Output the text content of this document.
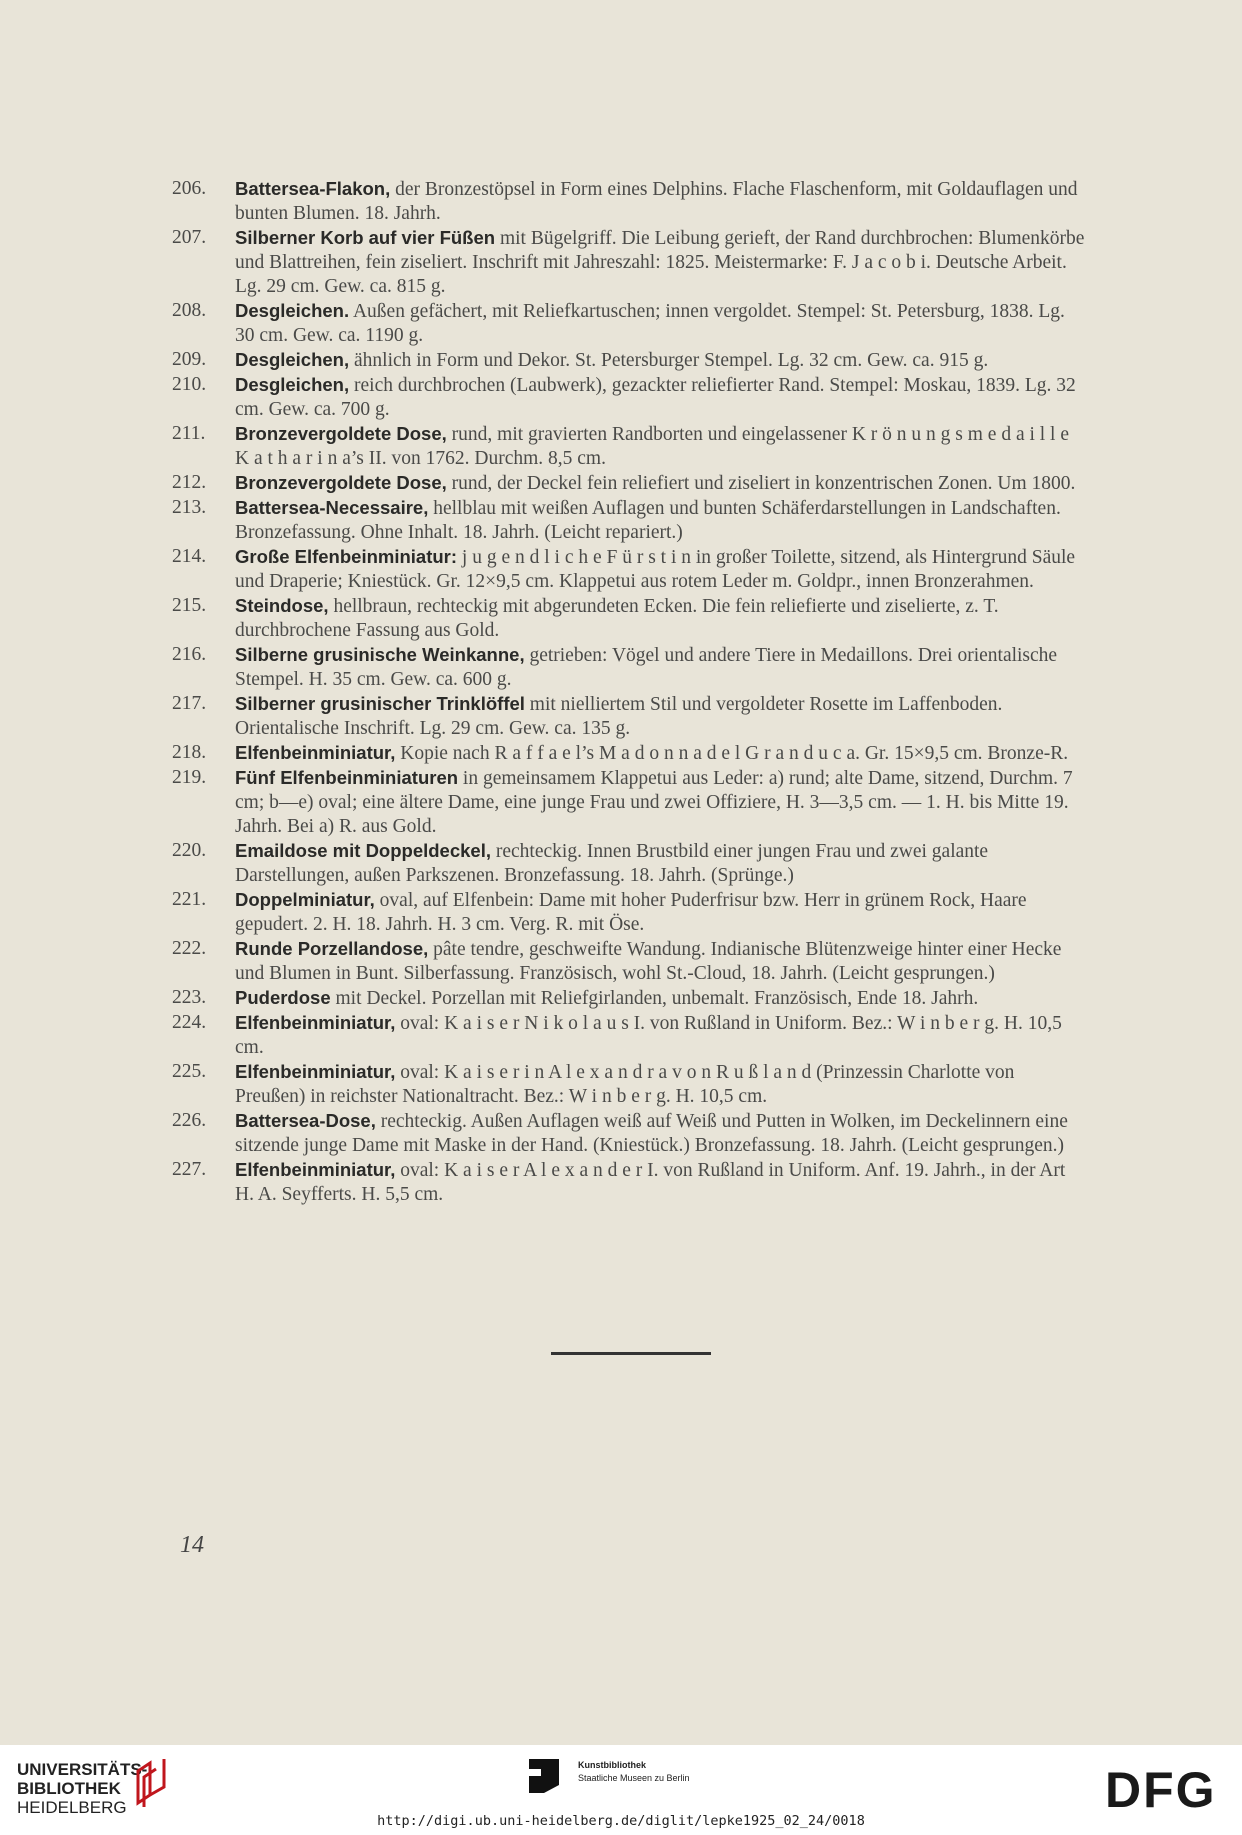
206.	Battersea-Flakon, der Bronzestöpsel in Form eines Delphins. Flache Flaschenform, mit Goldauflagen und bunten Blumen. 18. Jahrh.
207.	Silberner Korb auf vier Füßen mit Bügelgriff. Die Leibung gerieft, der Rand durchbrochen: Blumenkörbe und Blattreihen, fein ziseliert. Inschrift mit Jahreszahl: 1825. Meistermarke: F. J a c o b i. Deutsche Arbeit. Lg. 29 cm. Gew. ca. 815 g.
208.	Desgleichen. Außen gefächert, mit Reliefkartuschen; innen vergoldet. Stempel: St. Petersburg, 1838. Lg. 30 cm. Gew. ca. 1190 g.
209.	Desgleichen, ähnlich in Form und Dekor. St. Petersburger Stempel. Lg. 32 cm. Gew. ca. 915 g.
210.	Desgleichen, reich durchbrochen (Laubwerk), gezackter reliefierter Rand. Stempel: Moskau, 1839. Lg. 32 cm. Gew. ca. 700 g.
211.	Bronzevergoldete Dose, rund, mit gravierten Randborten und eingelassener K r ö n u n g s m e d a i l l e K a t h a r i n a’s II. von 1762. Durchm. 8,5 cm.
212.	Bronzevergoldete Dose, rund, der Deckel fein reliefiert und ziseliert in konzentrischen Zonen. Um 1800.
213.	Battersea-Necessaire, hellblau mit weißen Auflagen und bunten Schäferdarstellungen in Landschaften. Bronzefassung. Ohne Inhalt. 18. Jahrh. (Leicht repariert.)
214.	Große Elfenbeinminiatur: j u g e n d l i c h e F ü r s t i n in großer Toilette, sitzend, als Hintergrund Säule und Draperie; Kniestück. Gr. 12×9,5 cm. Klappetui aus rotem Leder m. Goldpr., innen Bronzerahmen.
215.	Steindose, hellbraun, rechteckig mit abgerundeten Ecken. Die fein reliefierte und ziselierte, z. T. durchbrochene Fassung aus Gold.
216.	Silberne grusinische Weinkanne, getrieben: Vögel und andere Tiere in Medaillons. Drei orientalische Stempel. H. 35 cm. Gew. ca. 600 g.
217.	Silberner grusinischer Trinklöffel mit nielliertem Stil und vergoldeter Rosette im Laffenboden. Orientalische Inschrift. Lg. 29 cm. Gew. ca. 135 g.
218.	Elfenbeinminiatur, Kopie nach R a f f a e l’s M a d o n n a d e l G r a n d u c a. Gr. 15×9,5 cm. Bronze-R.
219.	Fünf Elfenbeinminiaturen in gemeinsamem Klappetui aus Leder: a) rund; alte Dame, sitzend, Durchm. 7 cm; b—e) oval; eine ältere Dame, eine junge Frau und zwei Offiziere, H. 3—3,5 cm. — 1. H. bis Mitte 19. Jahrh. Bei a) R. aus Gold.
220.	Emaildose mit Doppeldeckel, rechteckig. Innen Brustbild einer jungen Frau und zwei galante Darstellungen, außen Parkszenen. Bronzefassung. 18. Jahrh. (Sprünge.)
221.	Doppelminiatur, oval, auf Elfenbein: Dame mit hoher Puderfrisur bzw. Herr in grünem Rock, Haare gepudert. 2. H. 18. Jahrh. H. 3 cm. Verg. R. mit Öse.
222.	Runde Porzellandose, pâte tendre, geschweifte Wandung. Indianische Blütenzweige hinter einer Hecke und Blumen in Bunt. Silberfassung. Französisch, wohl St.-Cloud, 18. Jahrh. (Leicht gesprungen.)
223.	Puderdose mit Deckel. Porzellan mit Reliefgirlanden, unbemalt. Französisch, Ende 18. Jahrh.
224.	Elfenbeinminiatur, oval: K a i s e r N i k o l a u s I. von Rußland in Uniform. Bez.: W i n b e r g. H. 10,5 cm.
225.	Elfenbeinminiatur, oval: K a i s e r i n A l e x a n d r a v o n R u ß l a n d (Prinzessin Charlotte von Preußen) in reichster Nationaltracht. Bez.: W i n b e r g. H. 10,5 cm.
226.	Battersea-Dose, rechteckig. Außen Auflagen weiß auf Weiß und Putten in Wolken, im Deckelinnern eine sitzende junge Dame mit Maske in der Hand. (Kniestück.) Bronzefassung. 18. Jahrh. (Leicht gesprungen.)
227.	Elfenbeinminiatur, oval: K a i s e r A l e x a n d e r I. von Rußland in Uniform. Anf. 19. Jahrh., in der Art H. A. Seyfferts. H. 5,5 cm.
14
UNIVERSITÄTS-
BIBLIOTHEK
HEIDELBERG
Kunstbibliothek
Staatliche Museen zu Berlin	DFG
http://digi.ub.uni-heidelberg.de/diglit/lepke1925_02_24/0018
